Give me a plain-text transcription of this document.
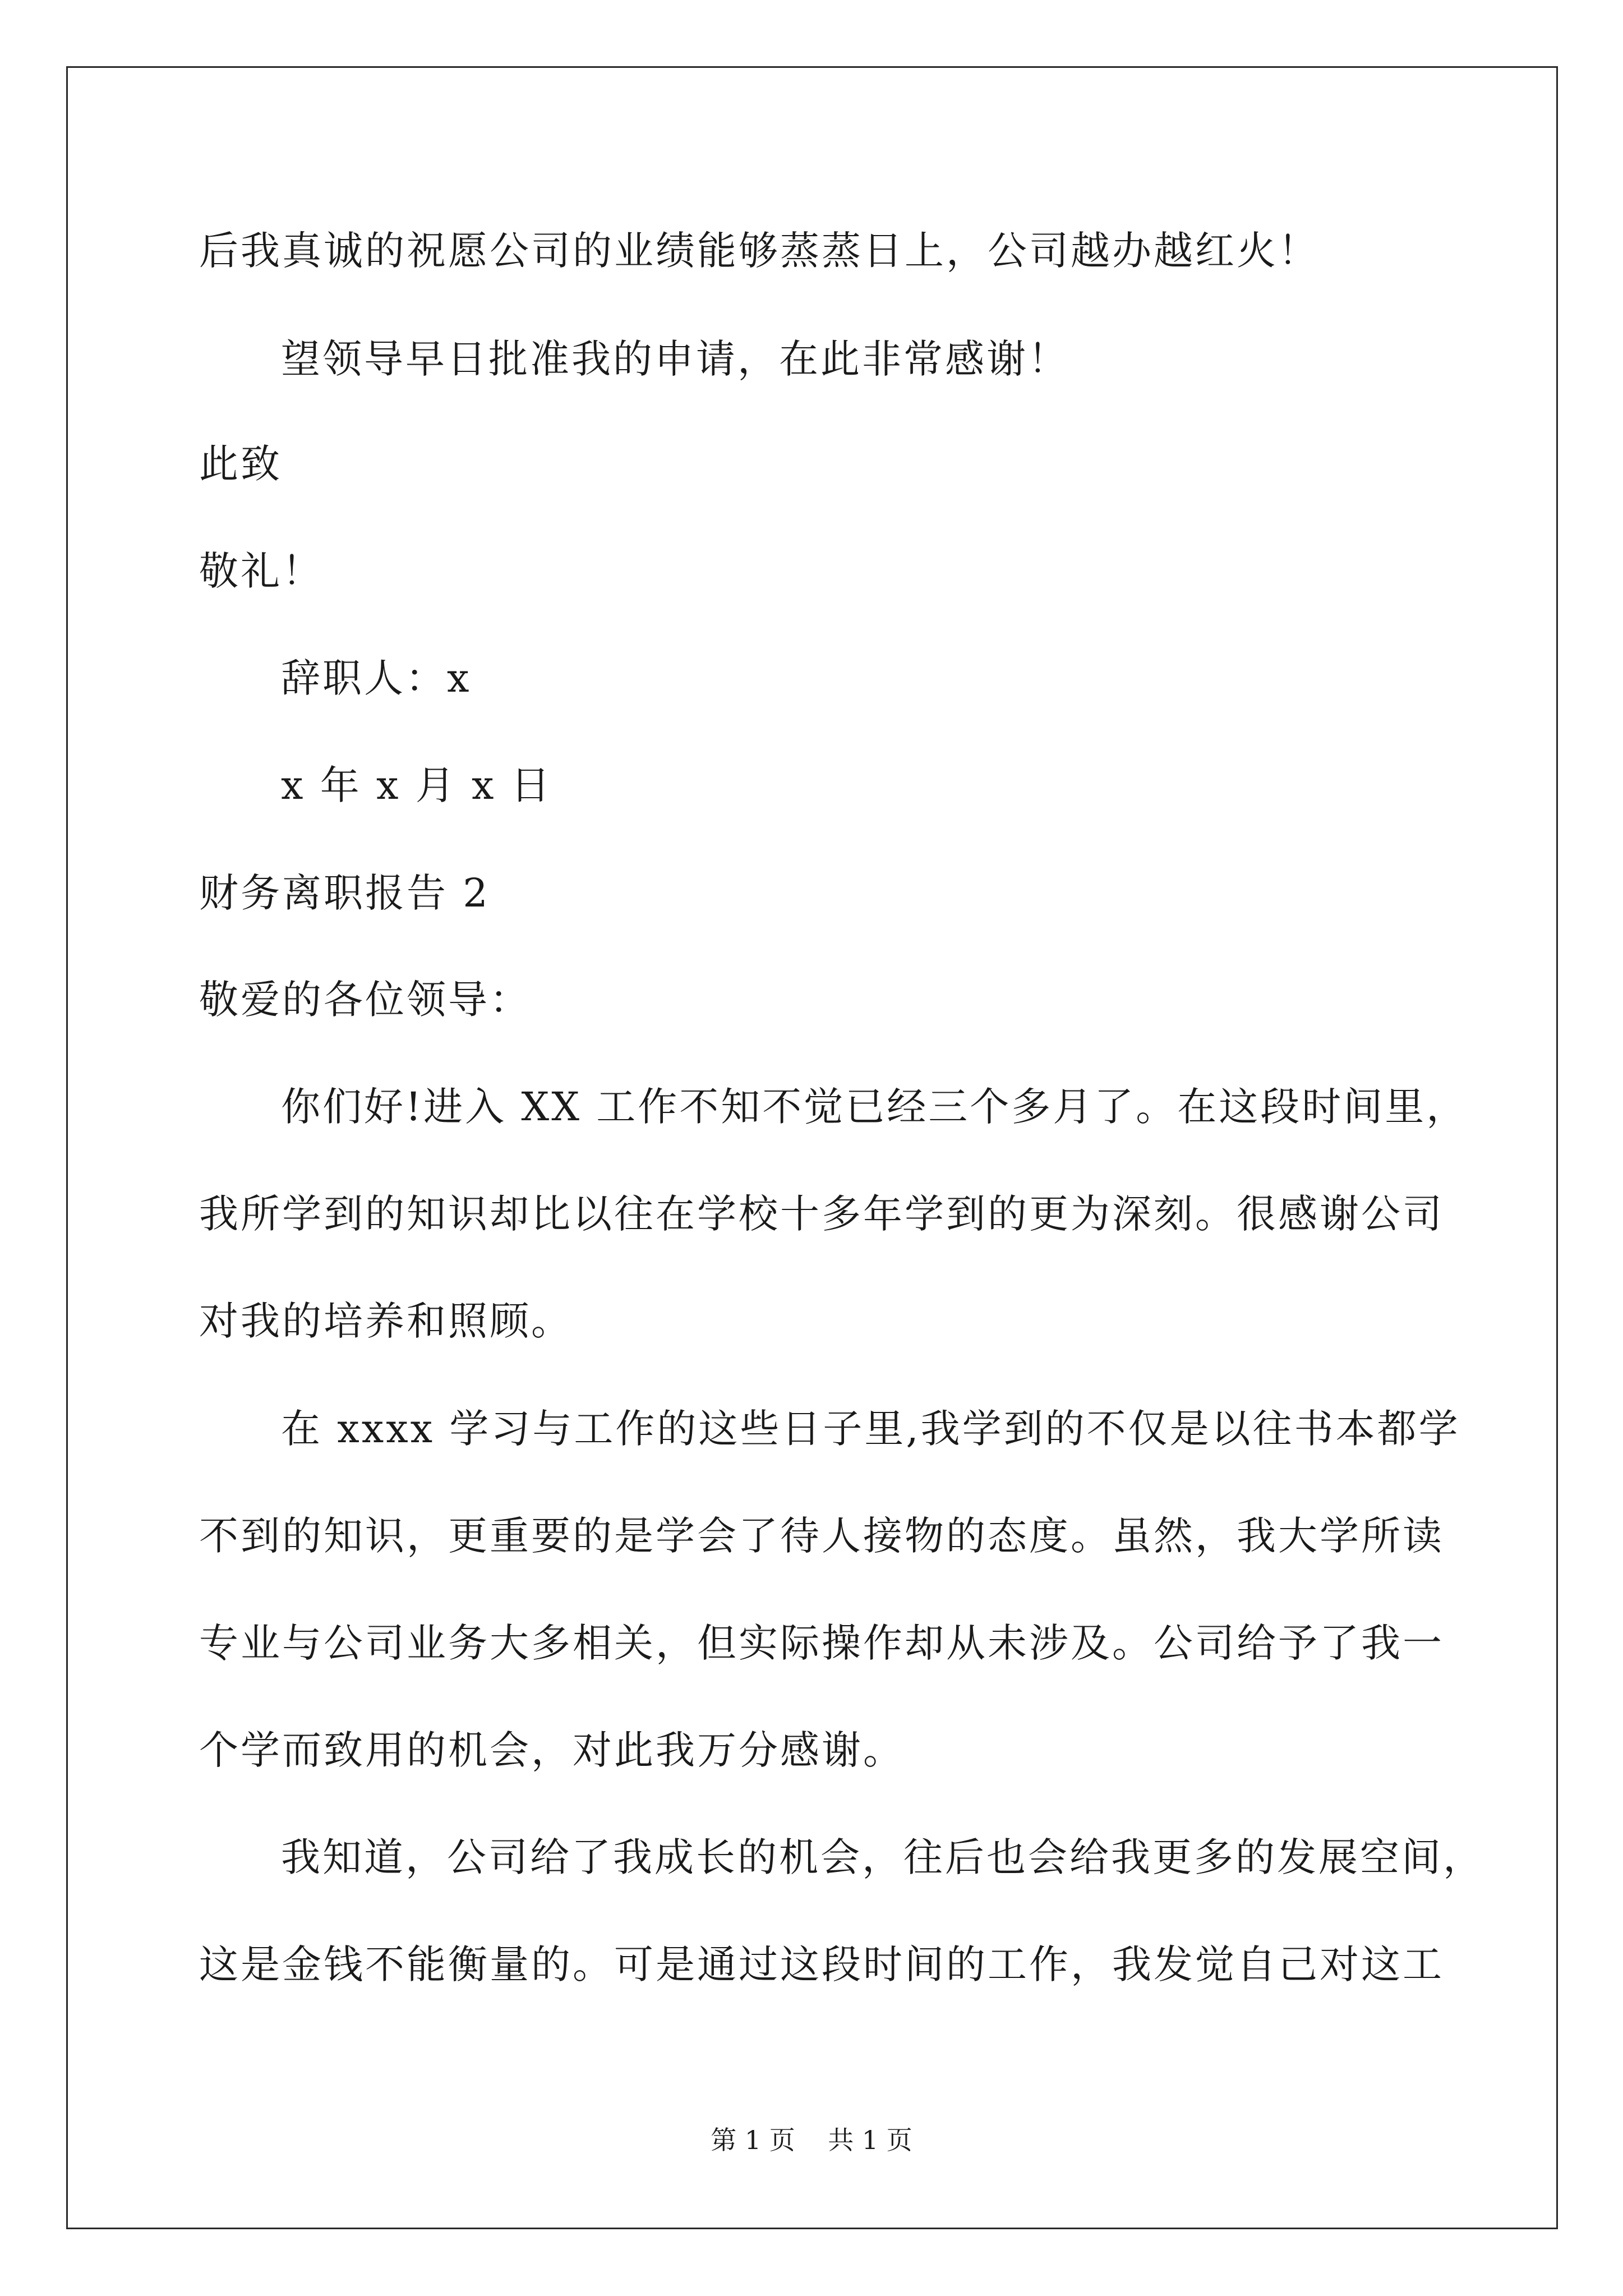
后我真诚的祝愿公司的业绩能够蒸蒸日上，公司越办越红火！
望领导早日批准我的申请，在此非常感谢！
此致
敬礼！
辞职人：x
x 年 x 月 x 日
财务离职报告 2
敬爱的各位领导：
你们好!进入 XX 工作不知不觉已经三个多月了。在这段时间里，
我所学到的知识却比以往在学校十多年学到的更为深刻。很感谢公司
对我的培养和照顾。
在 xxxx 学习与工作的这些日子里,我学到的不仅是以往书本都学
不到的知识，更重要的是学会了待人接物的态度。虽然，我大学所读
专业与公司业务大多相关，但实际操作却从未涉及。公司给予了我一
个学而致用的机会，对此我万分感谢。
我知道，公司给了我成长的机会，往后也会给我更多的发展空间，
这是金钱不能衡量的。可是通过这段时间的工作，我发觉自己对这工
第 1 页    共 1 页
